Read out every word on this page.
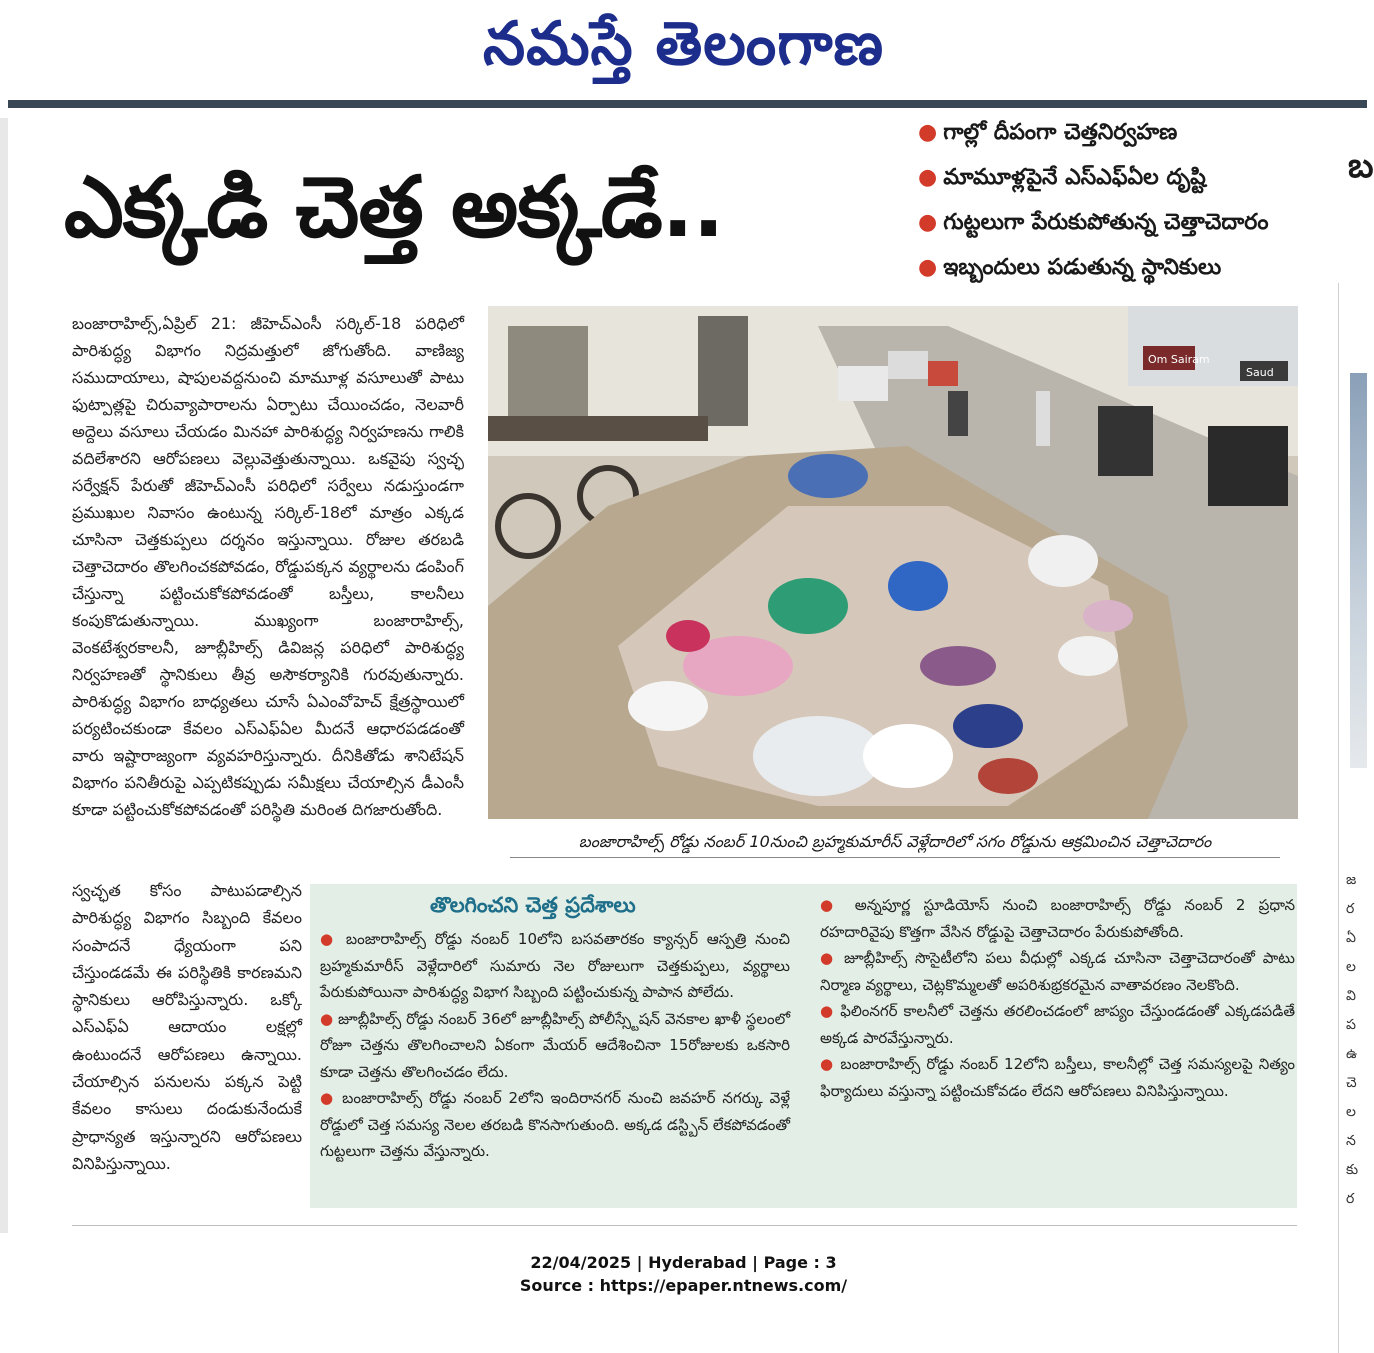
నమస్తే తెలంగాణ
ఎక్కడి చెత్త అక్కడే..
● గాల్లో దీపంగా చెత్తనిర్వహణ
● మామూళ్లపైనే ఎస్ఎఫ్ఏల దృష్టి
● గుట్టలుగా పేరుకుపోతున్న చెత్తాచెదారం
● ఇబ్బందులు పడుతున్న స్థానికులు
బ
జ
ర
ఏ
ల
వి
ప
ఉ
చె
ల
న
కు
ర
బంజారాహిల్స్,ఏప్రిల్ 21: జీహెచ్ఎంసీ సర్కిల్-18 పరిధిలో పారిశుద్ధ్య విభాగం నిద్రమత్తులో జోగుతోంది. వాణిజ్య సముదాయాలు, షాపులవద్దనుంచి మామూళ్ల వసూలుతో పాటు ఫుట్పాత్లపై చిరువ్యాపారాలను ఏర్పాటు చేయించడం, నెలవారీ అద్దెలు వసూలు చేయడం మినహా పారిశుద్ధ్య నిర్వహణను గాలికి వదిలేశారని ఆరోపణలు వెల్లువెత్తుతున్నాయి. ఒకవైపు స్వచ్ఛ సర్వేక్షన్ పేరుతో జీహెచ్ఎంసీ పరిధిలో సర్వేలు నడుస్తుండగా ప్రముఖుల నివాసం ఉంటున్న సర్కిల్-18లో మాత్రం ఎక్కడ చూసినా చెత్తకుప్పలు దర్శనం ఇస్తున్నాయి. రోజుల తరబడి చెత్తాచెదారం తొలగించకపోవడం, రోడ్డుపక్కన వ్యర్థాలను డంపింగ్ చేస్తున్నా పట్టించుకోకపోవడంతో బస్తీలు, కాలనీలు కంపుకొడుతున్నాయి. ముఖ్యంగా బంజారాహిల్స్, వెంకటేశ్వరకాలనీ, జూబ్లీహిల్స్ డివిజన్ల పరిధిలో పారిశుద్ధ్య నిర్వహణతో స్థానికులు తీవ్ర అసౌకర్యానికి గురవుతున్నారు. పారిశుద్ధ్య విభాగం బాధ్యతలు చూసే ఏఎంవోహెచ్ క్షేత్రస్థాయిలో పర్యటించకుండా కేవలం ఎస్ఎఫ్ఏల మీదనే ఆధారపడడంతో వారు ఇష్టారాజ్యంగా వ్యవహరిస్తున్నారు. దీనికితోడు శానిటేషన్ విభాగం పనితీరుపై ఎప్పటికప్పుడు సమీక్షలు చేయాల్సిన డీఎంసీ కూడా పట్టించుకోకపోవడంతో పరిస్థితి మరింత దిగజారుతోంది.
స్వచ్ఛత కోసం పాటుపడాల్సిన పారిశుద్ధ్య విభాగం సిబ్బంది కేవలం సంపాదనే ధ్యేయంగా పని చేస్తుండడమే ఈ పరిస్థితికి కారణమని స్థానికులు ఆరోపిస్తున్నారు. ఒక్కో ఎస్ఎఫ్ఏ ఆదాయం లక్షల్లో ఉంటుందనే ఆరోపణలు ఉన్నాయి. చేయాల్సిన పనులను పక్కన పెట్టి కేవలం కాసులు దండుకునేందుకే ప్రాధాన్యత ఇస్తున్నారని ఆరోపణలు వినిపిస్తున్నాయి.
Om Sairam
Saud
బంజారాహిల్స్ రోడ్డు నంబర్ 10నుంచి బ్రహ్మకుమారీస్ వెళ్లేదారిలో సగం రోడ్డును ఆక్రమించిన చెత్తాచెదారం
తొలగించని చెత్త ప్రదేశాలు

● బంజారాహిల్స్ రోడ్డు నంబర్ 10లోని బసవతారకం క్యాన్సర్ ఆస్పత్రి నుంచి బ్రహ్మకుమారీస్ వెళ్లేదారిలో సుమారు నెల రోజులుగా చెత్తకుప్పలు, వ్యర్థాలు పేరుకుపోయినా పారిశుద్ధ్య విభాగ సిబ్బంది పట్టించుకున్న పాపాన పోలేదు.

● జూబ్లీహిల్స్ రోడ్డు నంబర్ 36లో జూబ్లీహిల్స్ పోలీస్స్టేషన్ వెనకాల ఖాళీ స్థలంలో రోజూ చెత్తను తొలగించాలని ఏకంగా మేయర్ ఆదేశించినా 15రోజులకు ఒకసారి కూడా చెత్తను తొలగించడం లేదు.

● బంజారాహిల్స్ రోడ్డు నంబర్ 2లోని ఇందిరానగర్ నుంచి జవహర్ నగర్కు వెళ్లే రోడ్డులో చెత్త సమస్య నెలల తరబడి కొనసాగుతుంది. అక్కడ డస్ట్బిన్ లేకపోవడంతో గుట్టలుగా చెత్తను వేస్తున్నారు.

● అన్నపూర్ణ స్టూడియోస్ నుంచి బంజారాహిల్స్ రోడ్డు నంబర్ 2 ప్రధాన రహదారివైపు కొత్తగా వేసిన రోడ్డుపై చెత్తాచెదారం పేరుకుపోతోంది.

● జూబ్లీహిల్స్ సొసైటీలోని పలు వీధుల్లో ఎక్కడ చూసినా చెత్తాచెదారంతో పాటు నిర్మాణ వ్యర్థాలు, చెట్లకొమ్మలతో అపరిశుభ్రకరమైన వాతావరణం నెలకొంది.

● ఫిలింనగర్ కాలనీలో చెత్తను తరలించడంలో జాప్యం చేస్తుండడంతో ఎక్కడపడితే అక్కడ పారవేస్తున్నారు.

● బంజారాహిల్స్ రోడ్డు నంబర్ 12లోని బస్తీలు, కాలనీల్లో చెత్త సమస్యలపై నిత్యం ఫిర్యాదులు వస్తున్నా పట్టించుకోవడం లేదని ఆరోపణలు వినిపిస్తున్నాయి.

22/04/2025 | Hyderabad | Page : 3
Source : https://epaper.ntnews.com/
